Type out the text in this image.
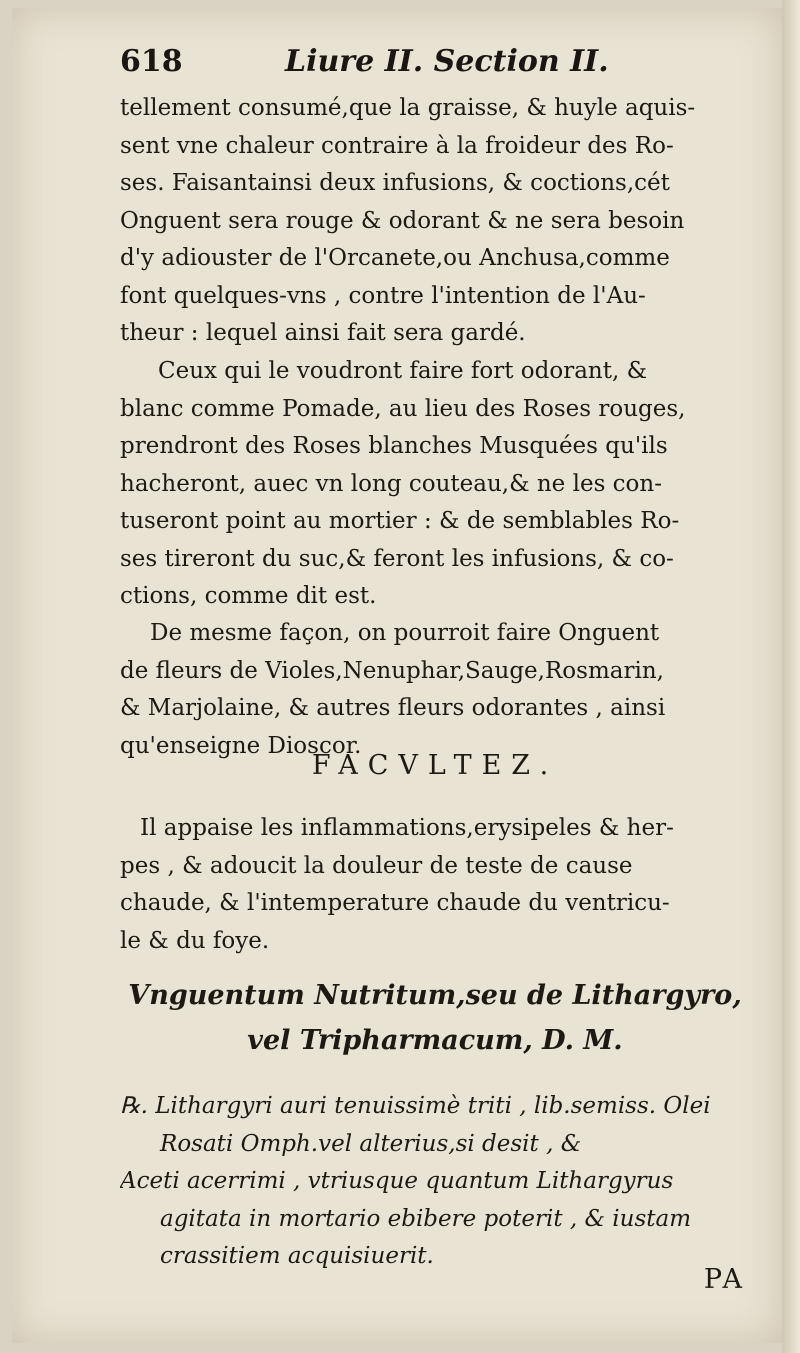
618	Liure II. Section II.
tellement consumé,que la graisse, & huyle aquis-
sent vne chaleur contraire à la froideur des Ro-
ses. Faisantainsi deux infusions, & coctions,cét
Onguent sera rouge & odorant & ne sera besoin
d'y adiouster de l'Orcanete,ou Anchusa,comme
font quelques-vns , contre l'intention de l'Au-
theur : lequel ainsi fait sera gardé.
Ceux qui le voudront faire fort odorant, &
blanc comme Pomade, au lieu des Roses rouges,
prendront des Roses blanches Musquées qu'ils
hacheront, auec vn long couteau,& ne les con-
tuseront point au mortier : & de semblables Ro-
ses tireront du suc,& feront les infusions, & co-
ctions, comme dit est.
De mesme façon, on pourroit faire Onguent
de fleurs de Violes,Nenuphar,Sauge,Rosmarin,
& Marjolaine, & autres fleurs odorantes , ainsi
qu'enseigne Dioscor.
FACVLTEZ.
Il appaise les inflammations,erysipeles & her-
pes , & adoucit la douleur de teste de cause
chaude, & l'intemperature chaude du ventricu-
le & du foye.
Vnguentum Nutritum,seu de Lithargyro,
vel Tripharmacum, D. M.
℞. Lithargyri auri tenuissimè triti , lib.semiss. Olei
Rosati Omph.vel alterius,si desit , &
Aceti acerrimi , vtriusque quantum Lithargyrus
agitata in mortario ebibere poterit , & iustam
crassitiem acquisiuerit.
PA
